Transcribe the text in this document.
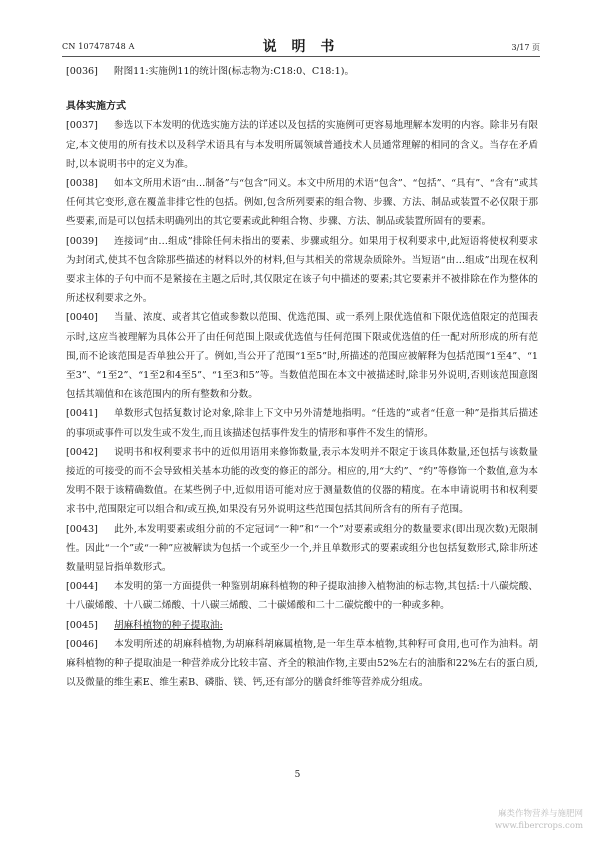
CN 107478748 A	说 明 书	3/17 页

[0036] 附图11:实施例11的统计图(标志物为:C18:0、C18:1)。

具体实施方式

[0037] 参选以下本发明的优选实施方法的详述以及包括的实施例可更容易地理解本发明的内容。除非另有限定,本文使用的所有技术以及科学术语具有与本发明所属领域普通技术人员通常理解的相同的含义。当存在矛盾时,以本说明书中的定义为准。

[0038] 如本文所用术语“由…制备”与“包含”同义。本文中所用的术语“包含”、“包括”、“具有”、“含有”或其任何其它变形,意在覆盖非排它性的包括。例如,包含所列要素的组合物、步骤、方法、制品或装置不必仅限于那些要素,而是可以包括未明确列出的其它要素或此种组合物、步骤、方法、制品或装置所固有的要素。

[0039] 连接词“由…组成”排除任何未指出的要素、步骤或组分。如果用于权利要求中,此短语将使权利要求为封闭式,使其不包含除那些描述的材料以外的材料,但与其相关的常规杂质除外。当短语“由…组成”出现在权利要求主体的子句中而不是紧接在主题之后时,其仅限定在该子句中描述的要素;其它要素并不被排除在作为整体的所述权利要求之外。

[0040] 当量、浓度、或者其它值或参数以范围、优选范围、或一系列上限优选值和下限优选值限定的范围表示时,这应当被理解为具体公开了由任何范围上限或优选值与任何范围下限或优选值的任一配对所形成的所有范围,而不论该范围是否单独公开了。例如,当公开了范围“1至5”时,所描述的范围应被解释为包括范围“1至4”、“1至3”、“1至2”、“1至2和4至5”、“1至3和5”等。当数值范围在本文中被描述时,除非另外说明,否则该范围意图包括其端值和在该范围内的所有整数和分数。

[0041] 单数形式包括复数讨论对象,除非上下文中另外清楚地指明。“任选的”或者“任意一种”是指其后描述的事项或事件可以发生或不发生,而且该描述包括事件发生的情形和事件不发生的情形。

[0042] 说明书和权利要求书中的近似用语用来修饰数量,表示本发明并不限定于该具体数量,还包括与该数量接近的可接受的而不会导致相关基本功能的改变的修正的部分。相应的,用“大约”、“约”等修饰一个数值,意为本发明不限于该精确数值。在某些例子中,近似用语可能对应于测量数值的仪器的精度。在本申请说明书和权利要求书中,范围限定可以组合和/或互换,如果没有另外说明这些范围包括其间所含有的所有子范围。

[0043] 此外,本发明要素或组分前的不定冠词“一种”和“一个”对要素或组分的数量要求(即出现次数)无限制性。因此“一个”或“一种”应被解读为包括一个或至少一个,并且单数形式的要素或组分也包括复数形式,除非所述数量明显旨指单数形式。

[0044] 本发明的第一方面提供一种鉴别胡麻科植物的种子提取油掺入植物油的标志物,其包括:十八碳烷酸、十八碳烯酸、十八碳二烯酸、十八碳三烯酸、二十碳烯酸和二十二碳烷酸中的一种或多种。

[0045] 胡麻科植物的种子提取油:

[0046] 本发明所述的胡麻科植物,为胡麻科胡麻属植物,是一年生草本植物,其种籽可食用,也可作为油料。胡麻科植物的种子提取油是一种营养成分比较丰富、齐全的粮油作物,主要由52%左右的油脂和22%左右的蛋白质,以及微量的维生素E、维生素B、磷脂、镁、钙,还有部分的膳食纤维等营养成分组成。

5
麻类作物营养与施肥网
www.fibercrops.com
